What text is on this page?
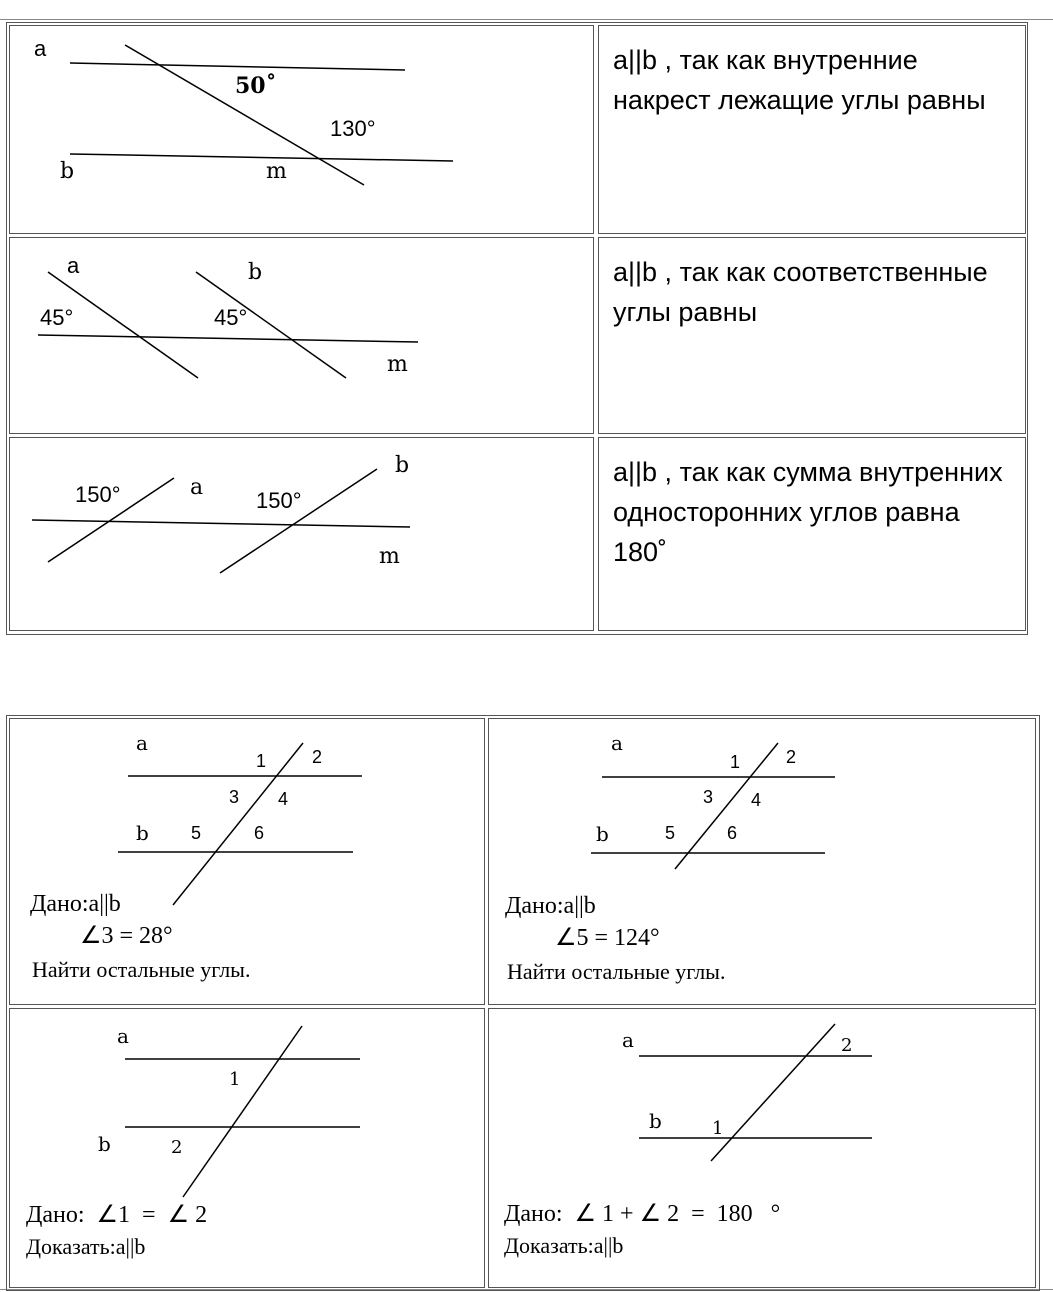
a
b	m
50˚
130°
a||b , так как внутренние накрест лежащие углы равны
a	b
m
45°	45°
a||b , так как соответственные углы равны
150°	a
150°
b
m
a||b , так как сумма внутренних односторонних углов равна 180˚
a
b
1	2
3 4
5	6
Дано:a||b
∠3 = 28°
Найти остальные углы.
a
b
1	2
3 4
5	6
Дано:a||b
∠5 = 124°
Найти остальные углы.
a
b
1
2
Дано:  ∠1  =  ∠ 2
Доказать:a||b
a
b	1
2
Дано:  ∠ 1 + ∠ 2  =  180   °
Доказать:a||b
